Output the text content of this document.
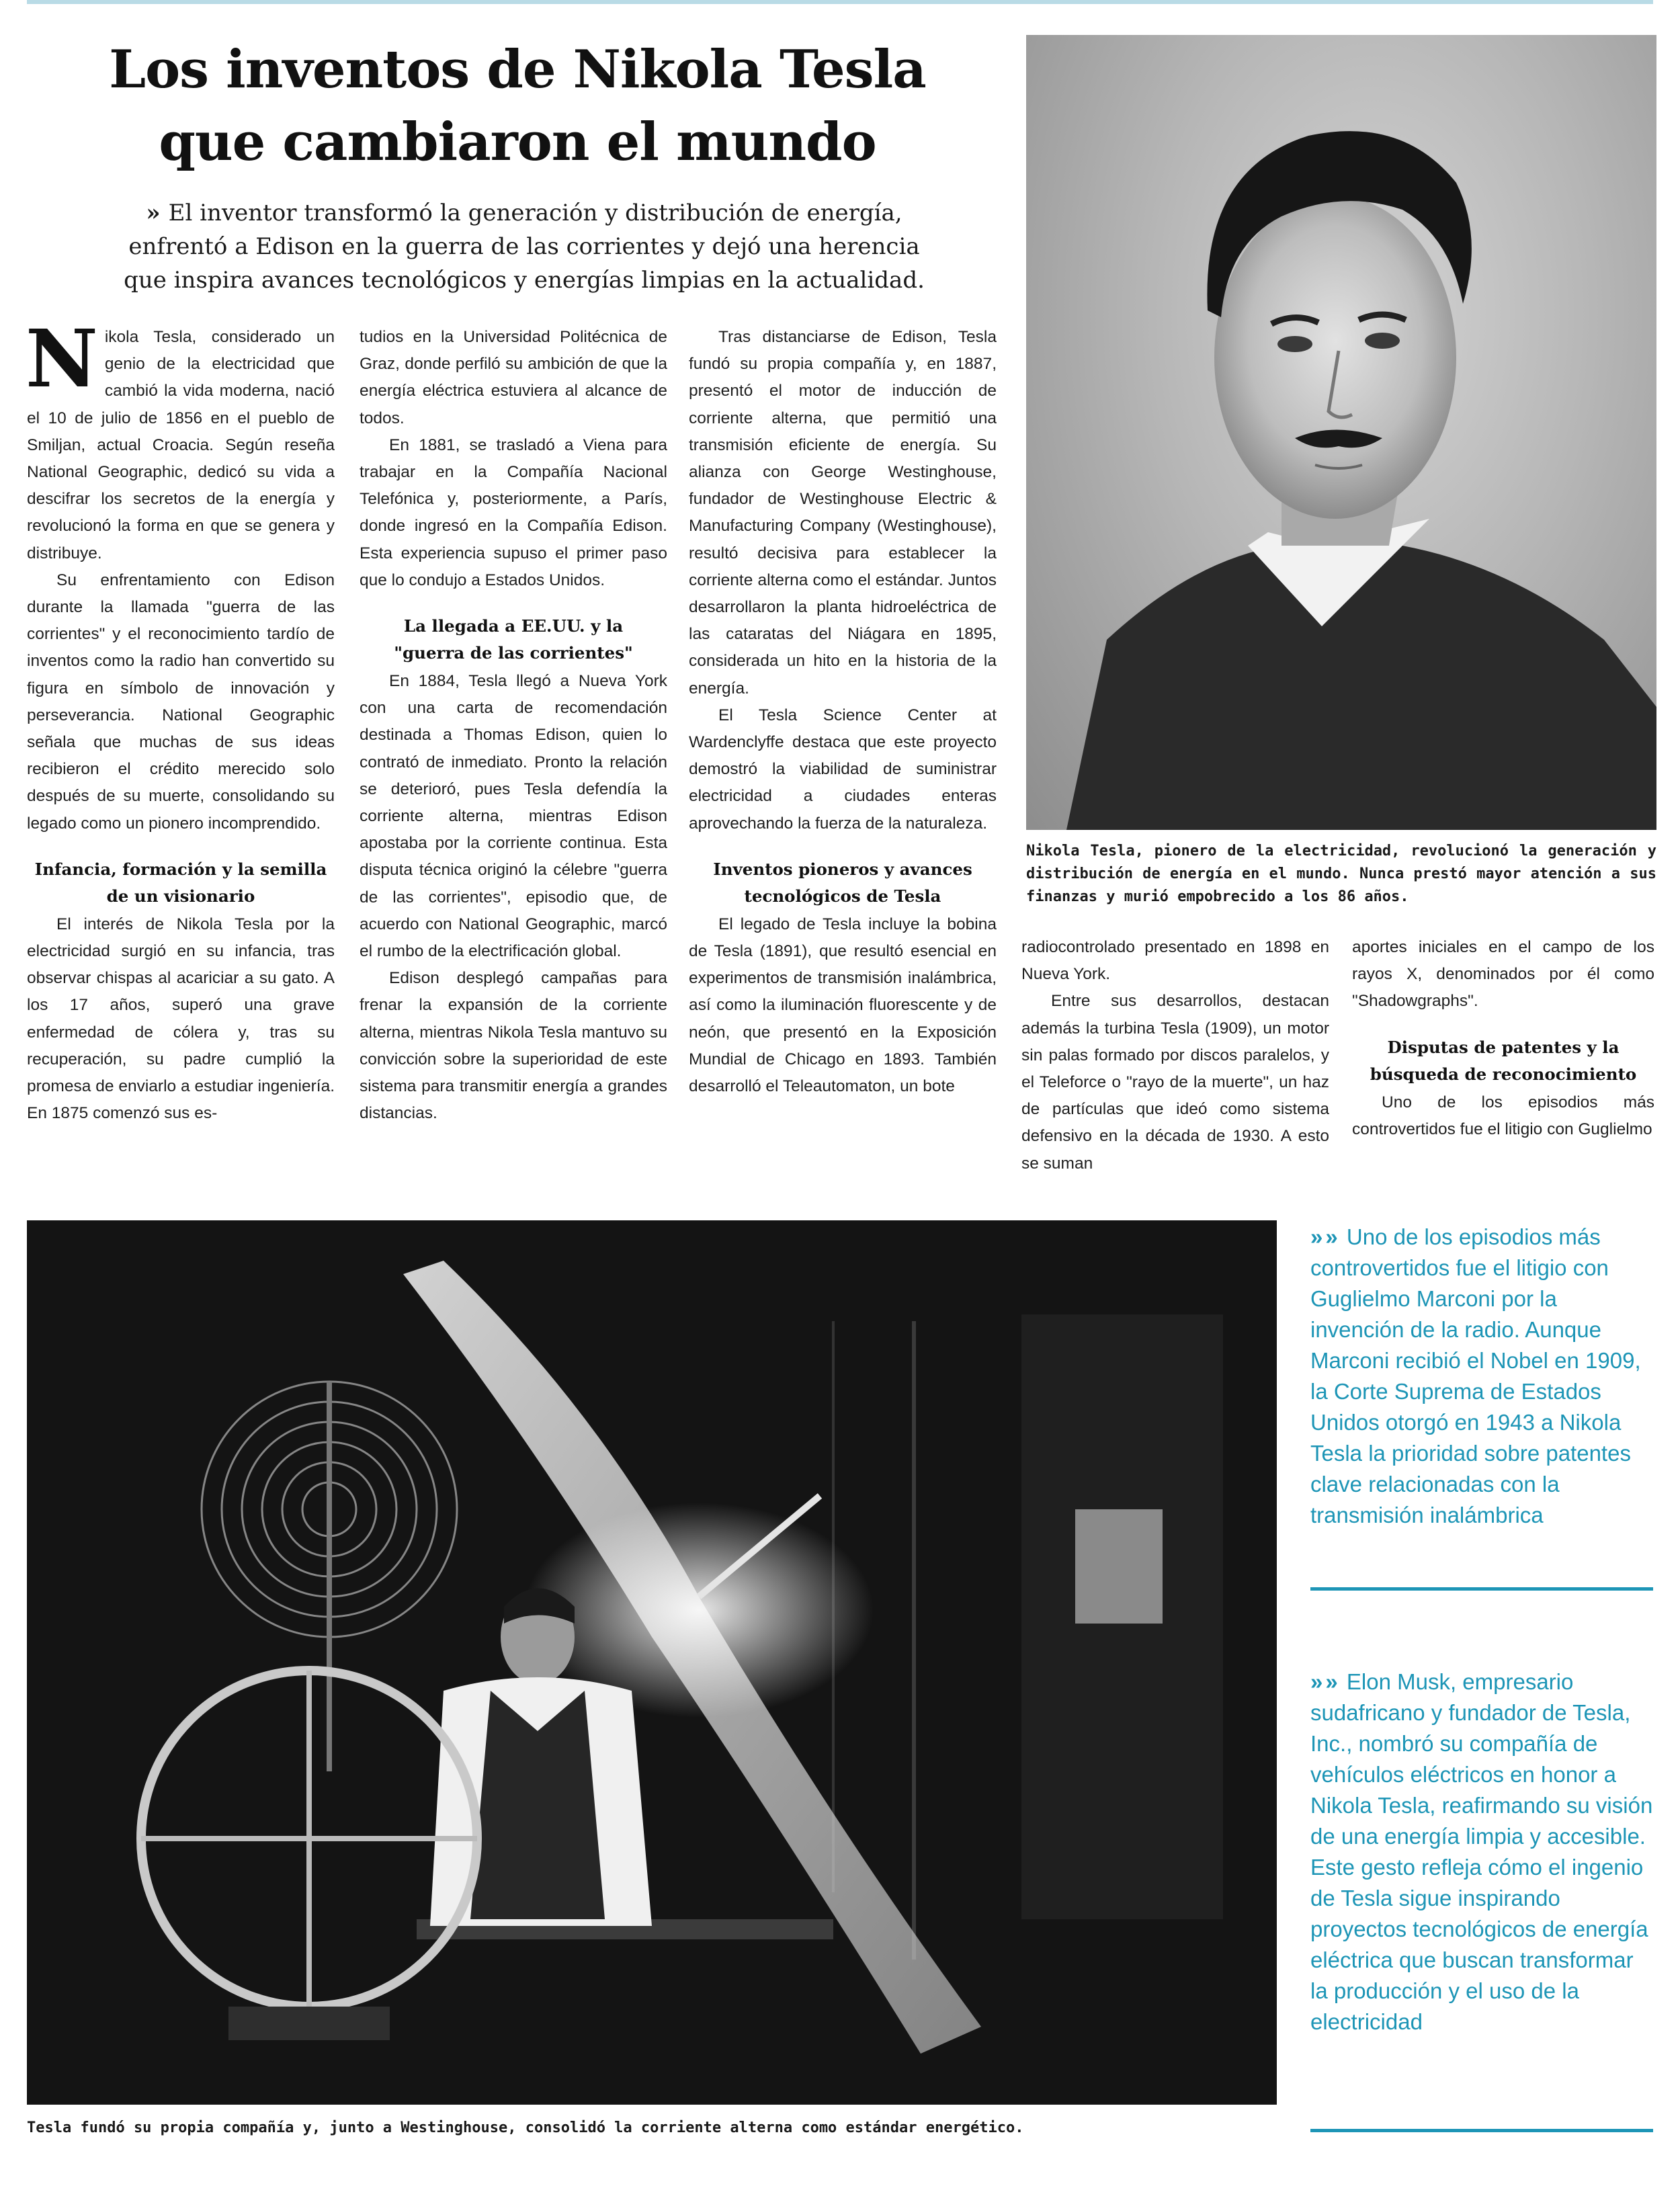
Los inventos de Nikola Tesla
que cambiaron el mundo
» El inventor transformó la generación y distribución de energía, enfrentó a Edison en la guerra de las corrientes y dejó una herencia que inspira avances tecnológicos y energías limpias en la actualidad.

Nikola Tesla, considerado un genio de la electricidad que cambió la vida moderna, nació el 10 de julio de 1856 en el pueblo de Smiljan, actual Croacia. Según reseña National Geographic, dedicó su vida a descifrar los secretos de la energía y revolucionó la forma en que se genera y distribuye.

Su enfrentamiento con Edison durante la llamada "guerra de las corrientes" y el reconocimiento tardío de inventos como la radio han convertido su figura en símbolo de innovación y perseverancia. National Geographic señala que muchas de sus ideas recibieron el crédito merecido solo después de su muerte, consolidando su legado como un pionero incomprendido.

Infancia, formación y la semilla de un visionario

El interés de Nikola Tesla por la electricidad surgió en su infancia, tras observar chispas al acariciar a su gato. A los 17 años, superó una grave enfermedad de cólera y, tras su recuperación, su padre cumplió la promesa de enviarlo a estudiar ingeniería. En 1875 comenzó sus es-

tudios en la Universidad Politécnica de Graz, donde perfiló su ambición de que la energía eléctrica estuviera al alcance de todos.

En 1881, se trasladó a Viena para trabajar en la Compañía Nacional Telefónica y, posteriormente, a París, donde ingresó en la Compañía Edison. Esta experiencia supuso el primer paso que lo condujo a Estados Unidos.

La llegada a EE.UU. y la "guerra de las corrientes"

En 1884, Tesla llegó a Nueva York con una carta de recomendación destinada a Thomas Edison, quien lo contrató de inmediato. Pronto la relación se deterioró, pues Tesla defendía la corriente alterna, mientras Edison apostaba por la corriente continua. Esta disputa técnica originó la célebre "guerra de las corrientes", episodio que, de acuerdo con National Geographic, marcó el rumbo de la electrificación global.

Edison desplegó campañas para frenar la expansión de la corriente alterna, mientras Nikola Tesla mantuvo su convicción sobre la superioridad de este sistema para transmitir energía a grandes distancias.

Tras distanciarse de Edison, Tesla fundó su propia compañía y, en 1887, presentó el motor de inducción de corriente alterna, que permitió una transmisión eficiente de energía. Su alianza con George Westinghouse, fundador de Westinghouse Electric & Manufacturing Company (Westinghouse), resultó decisiva para establecer la corriente alterna como el estándar. Juntos desarrollaron la planta hidroeléctrica de las cataratas del Niágara en 1895, considerada un hito en la historia de la energía.

El Tesla Science Center at Wardenclyffe destaca que este proyecto demostró la viabilidad de suministrar electricidad a ciudades enteras aprovechando la fuerza de la naturaleza.

Inventos pioneros y avances tecnológicos de Tesla

El legado de Tesla incluye la bobina de Tesla (1891), que resultó esencial en experimentos de transmisión inalámbrica, así como la iluminación fluorescente y de neón, que presentó en la Exposición Mundial de Chicago en 1893. También desarrolló el Teleautomaton, un bote

Nikola Tesla, pionero de la electricidad, revolucionó la generación y distribución de energía en el mundo. Nunca prestó mayor atención a sus finanzas y murió empobrecido a los 86 años.

radiocontrolado presentado en 1898 en Nueva York.

Entre sus desarrollos, destacan además la turbina Tesla (1909), un motor sin palas formado por discos paralelos, y el Teleforce o "rayo de la muerte", un haz de partículas que ideó como sistema defensivo en la década de 1930. A esto se suman

aportes iniciales en el campo de los rayos X, denominados por él como "Shadowgraphs".

Disputas de patentes y la búsqueda de reconocimiento

Uno de los episodios más controvertidos fue el litigio con Guglielmo

Tesla fundó su propia compañía y, junto a Westinghouse, consolidó la corriente alterna como estándar energético.
» » Uno de los episodios más controvertidos fue el litigio con Guglielmo Marconi por la invención de la radio. Aunque Marconi recibió el Nobel en 1909, la Corte Suprema de Estados Unidos otorgó en 1943 a Nikola Tesla la prioridad sobre patentes clave relacionadas con la transmisión inalámbrica
» » Elon Musk, empresario sudafricano y fundador de Tesla, Inc., nombró su compañía de vehículos eléctricos en honor a Nikola Tesla, reafirmando su visión de una energía limpia y accesible. Este gesto refleja cómo el ingenio de Tesla sigue inspirando proyectos tecnológicos de energía eléctrica que buscan transformar la producción y el uso de la electricidad
